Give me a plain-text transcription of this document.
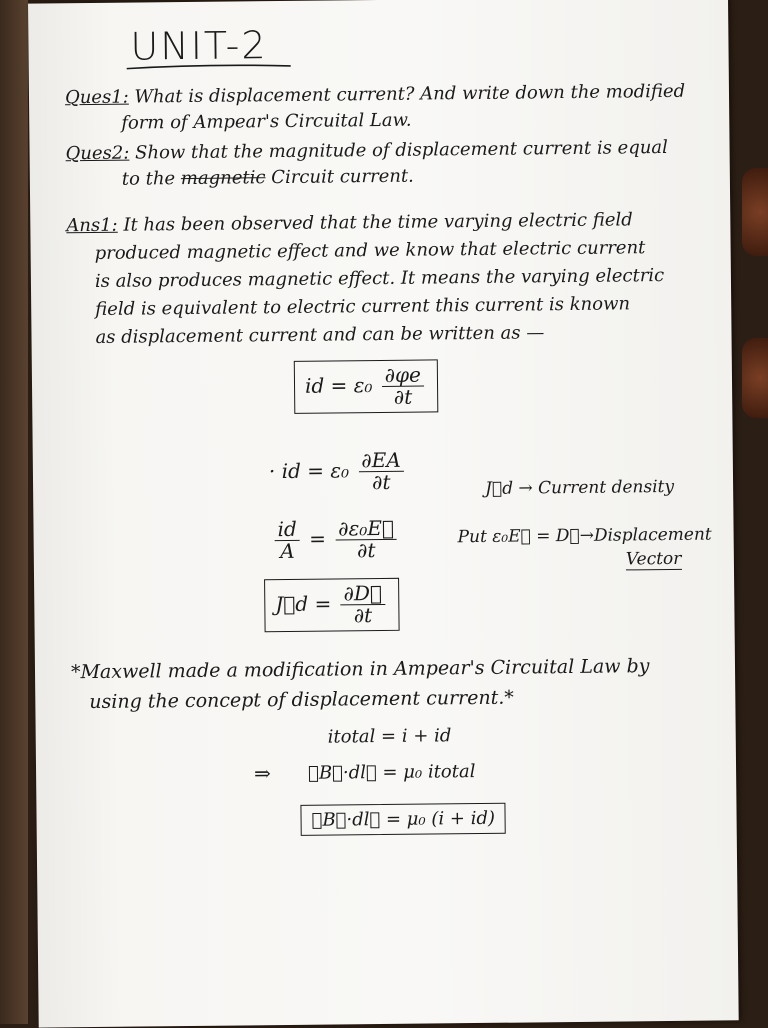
UNIT-2
Ques1: What is displacement current? And write down the modified
form of Ampear's Circuital Law.
Ques2: Show that the magnitude of displacement current is equal
to the magnetic Circuit current.
Ans1: It has been observed that the time varying electric field
produced magnetic effect and we know that electric current
is also produces magnetic effect. It means the varying electric
field is equivalent to electric current this current is known
as displacement current and can be written as —
id = $\varepsilon_0 \frac{\partial\varphi e}{\partial t}$
· id = $\varepsilon_0 \frac{\partial EA}{\partial t}$	J⃗d → Current density
Put ε₀E⃗ = D⃗→Displacement
Vector
$\frac{id}{A} = \frac{\text{∂ε₀E⃗}}{\partial t}$
J⃗d = $\frac{\partial D⃗}{\partial t}$
*Maxwell made a modification in Ampear's Circuital Law by
using the concept of displacement current.*
itotal = i + id
⇒ ∮B⃗·dl⃗ = μ₀ itotal
∮B⃗·dl⃗ = μ₀ (i + id)
